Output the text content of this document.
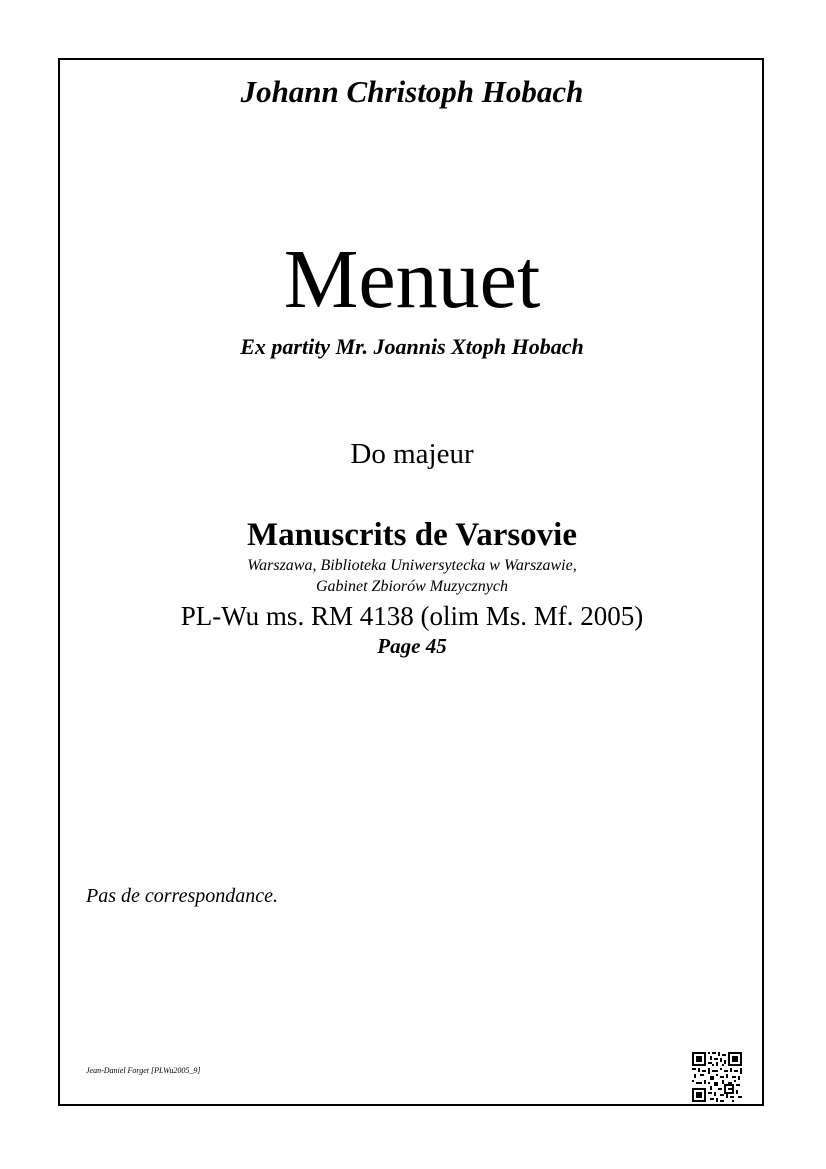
Johann Christoph Hobach
Menuet
Ex partity Mr. Joannis Xtoph Hobach
Do majeur
Manuscrits de Varsovie
Warszawa, Biblioteka Uniwersytecka w Warszawie,
Gabinet Zbiorów Muzycznych
PL-Wu ms. RM 4138 (olim Ms. Mf. 2005)
Page 45
Pas de correspondance.
Jean-Daniel Forget [PLWu2005_9]
